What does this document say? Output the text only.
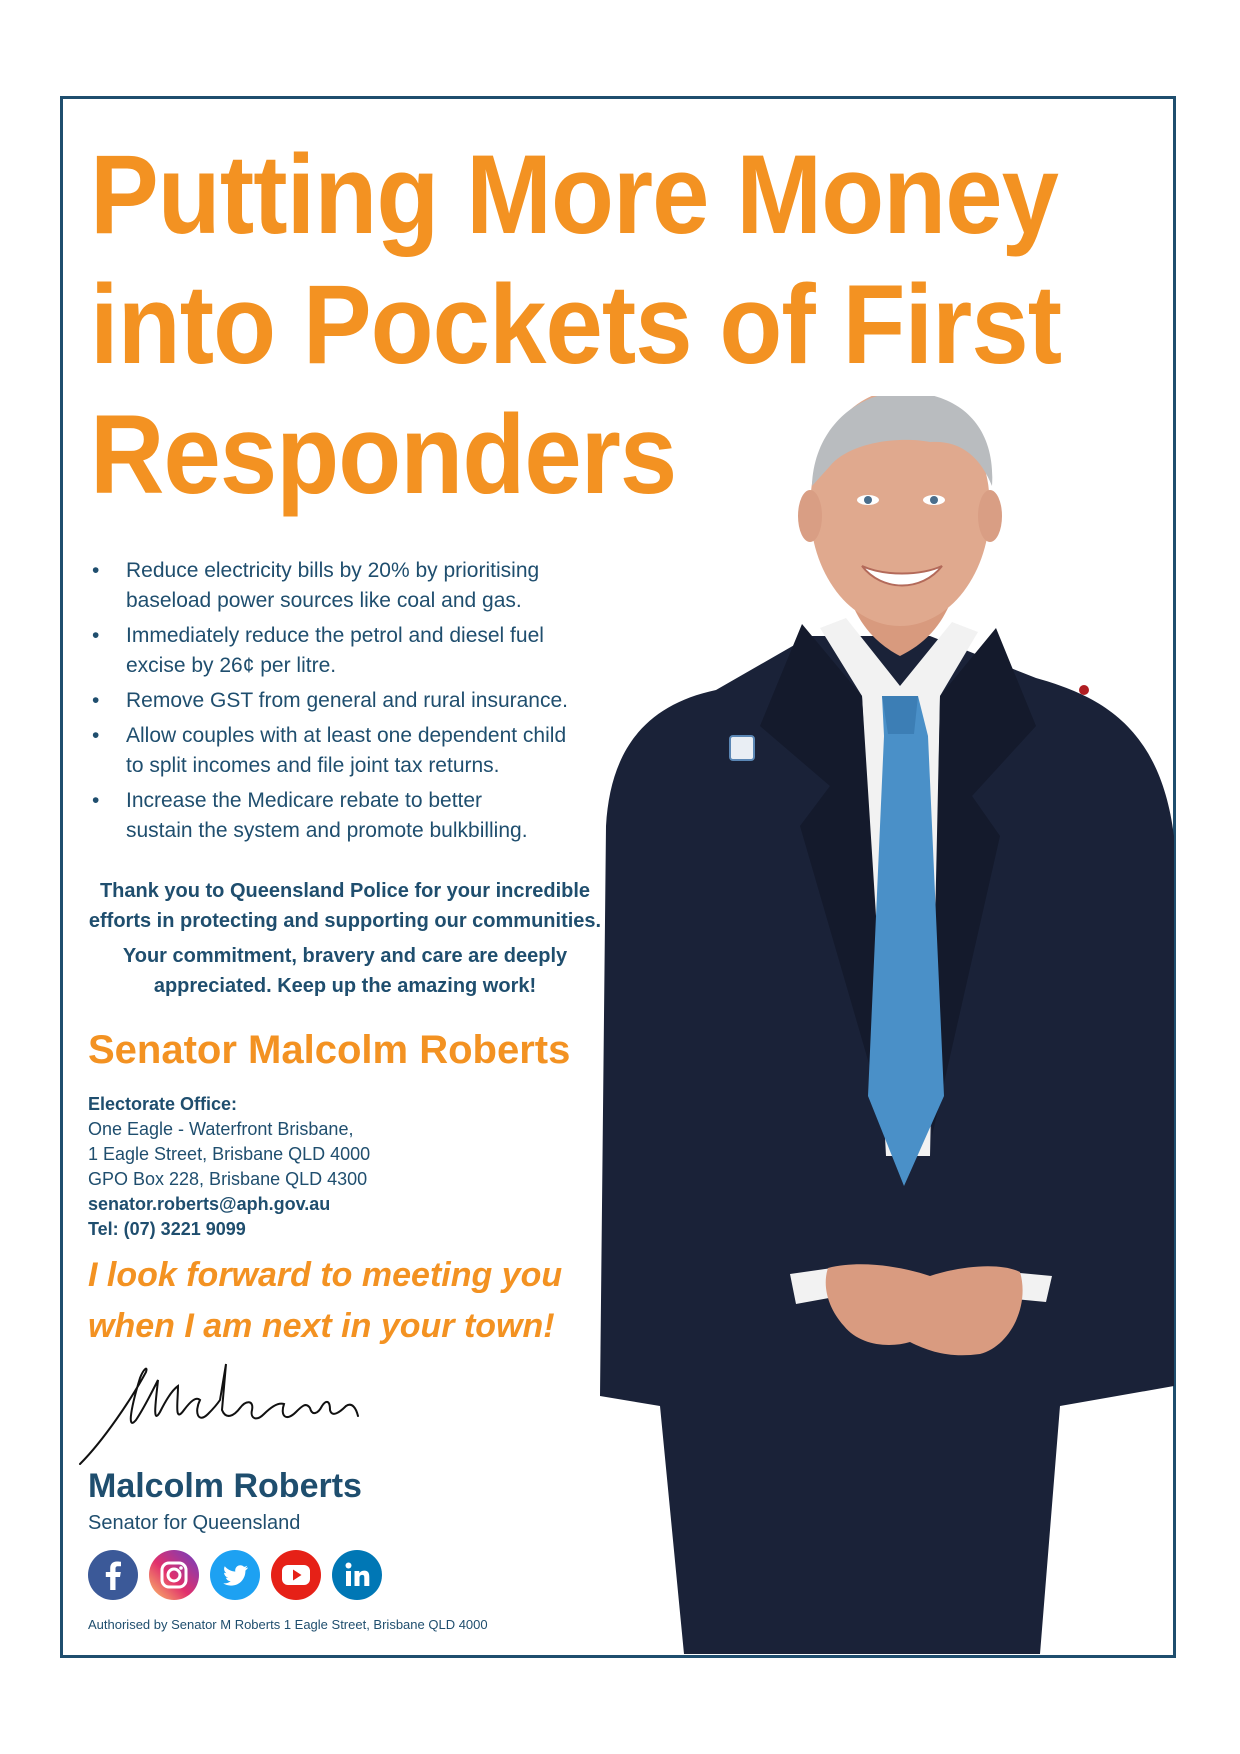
Putting More Money
into Pockets of First
Responders
• Reduce electricity bills by 20% by prioritising
baseload power sources like coal and gas.
• Immediately reduce the petrol and diesel fuel
excise by 26¢ per litre.
• Remove GST from general and rural insurance.
• Allow couples with at least one dependent child
to split incomes and file joint tax returns.
• Increase the Medicare rebate to better
sustain the system and promote bulkbilling.

Thank you to Queensland Police for your incredible
efforts in protecting and supporting our communities.

Your commitment, bravery and care are deeply
appreciated. Keep up the amazing work!

Senator Malcolm Roberts
Electorate Office:
One Eagle - Waterfront Brisbane,
1 Eagle Street, Brisbane QLD 4000
GPO Box 228, Brisbane QLD 4300
senator.roberts@aph.gov.au
Tel: (07) 3221 9099
I look forward to meeting you
when I am next in your town!
Malcolm Roberts
Senator for Queensland
Authorised by Senator M Roberts 1 Eagle Street, Brisbane QLD 4000
